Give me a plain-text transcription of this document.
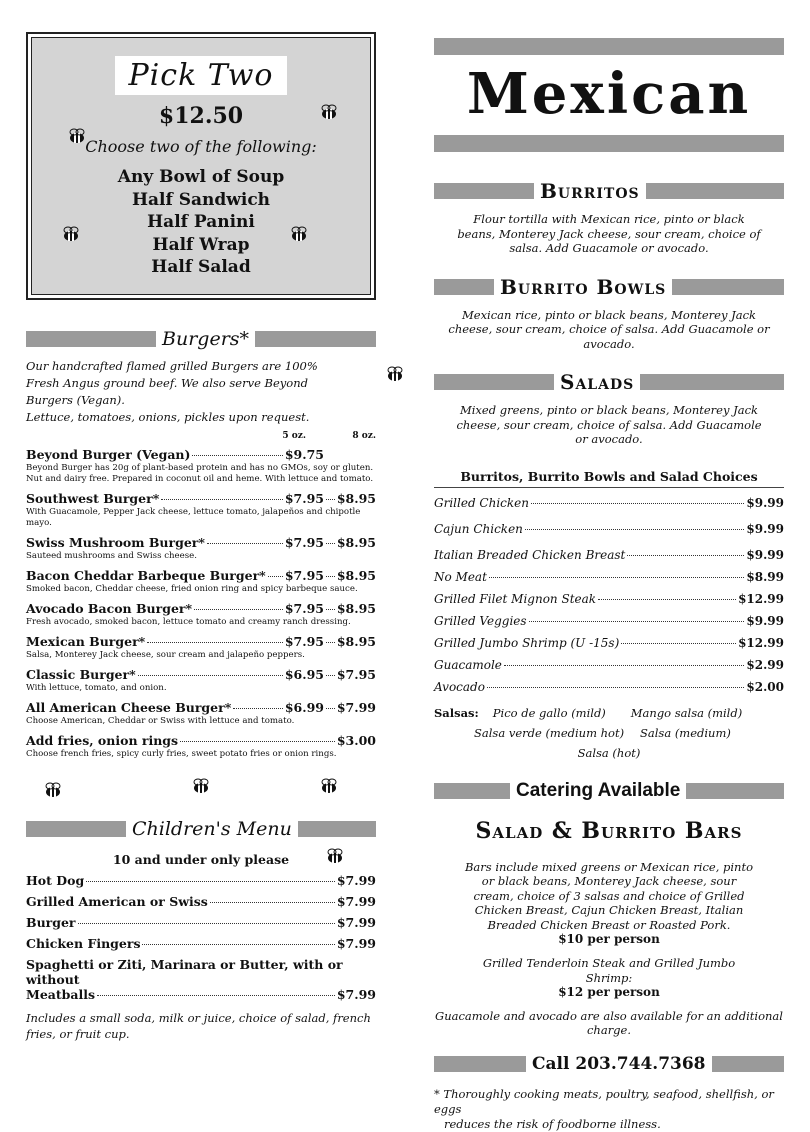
Pick Two
$12.50
Choose two of the following:
Any Bowl of Soup
Half Sandwich
Half Panini
Half Wrap
Half Salad
Burgers*
Our handcrafted flamed grilled Burgers are 100% Fresh Angus ground beef. We also serve Beyond Burgers (Vegan).
Lettuce, tomatoes, onions, pickles upon request.
5 oz.	8 oz.
Beyond Burger (Vegan)	$9.75
Beyond Burger has 20g of plant-based protein and has no GMOs, soy or gluten. Nut and dairy free. Prepared in coconut oil and heme. With lettuce and tomato.
Southwest Burger*	$7.95 $8.95
With Guacamole, Pepper Jack cheese, lettuce tomato, jalapeños and chipotle mayo.
Swiss Mushroom Burger*	$7.95 $8.95
Sauteed mushrooms and Swiss cheese.
Bacon Cheddar Barbeque Burger* $7.95 $8.95
Smoked bacon, Cheddar cheese, fried onion ring and spicy barbeque sauce.
Avocado Bacon Burger*	$7.95 $8.95
Fresh avocado, smoked bacon, lettuce tomato and creamy ranch dressing.
Mexican Burger*	$7.95 $8.95
Salsa, Monterey Jack cheese, sour cream and jalapeño peppers.
Classic Burger*	$6.95 $7.95
With lettuce, tomato, and onion.
All American Cheese Burger*	$6.99 $7.99
Choose American, Cheddar or Swiss with lettuce and tomato.
Add fries, onion rings	$3.00
Choose french fries, spicy curly fries, sweet potato fries or onion rings.
Children's Menu
10 and under only please
Hot Dog	$7.99
Grilled American or Swiss	$7.99
Burger	$7.99
Chicken Fingers	$7.99
Spaghetti or Ziti, Marinara or Butter, with or without
Meatballs	$7.99
Includes a small soda, milk or juice, choice of salad, french fries, or fruit cup.
Mexican
Burritos
Flour tortilla with Mexican rice, pinto or black beans, Monterey Jack cheese, sour cream, choice of salsa. Add Guacamole or avocado.
Burrito Bowls
Mexican rice, pinto or black beans, Monterey Jack cheese, sour cream, choice of salsa. Add Guacamole or avocado.
Salads
Mixed greens, pinto or black beans, Monterey Jack cheese, sour cream, choice of salsa. Add Guacamole or avocado.
Burritos, Burrito Bowls and Salad Choices
Grilled Chicken	$9.99
Cajun Chicken	$9.99
Italian Breaded Chicken Breast	$9.99
No Meat	$8.99
Grilled Filet Mignon Steak	$12.99
Grilled Veggies	$9.99
Grilled Jumbo Shrimp (U -15s)	$12.99
Guacamole	$2.99
Avocado	$2.00
Salsas: Pico de gallo (mild)	Mango salsa (mild)
Salsa verde (medium hot)	Salsa (medium)
Salsa (hot)
Catering Available
Salad & Burrito Bars
Bars include mixed greens or Mexican rice, pinto or black beans, Monterey Jack cheese, sour cream, choice of 3 salsas and choice of Grilled Chicken Breast, Cajun Chicken Breast, Italian Breaded Chicken Breast or Roasted Pork.
$10 per person
Grilled Tenderloin Steak and Grilled Jumbo Shrimp:
$12 per person
Guacamole and avocado are also available for an additional charge.
Call 203.744.7368
* Thoroughly cooking meats, poultry, seafood, shellfish, or eggs
reduces the risk of foodborne illness.
